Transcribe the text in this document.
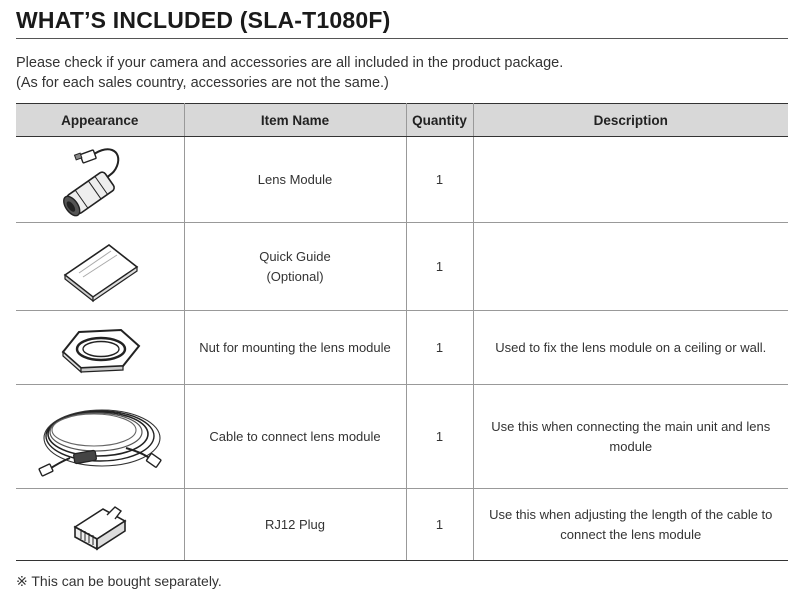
WHAT’S INCLUDED (SLA-T1080F)
Please check if your camera and accessories are all included in the product package.
(As for each sales country, accessories are not the same.)
Appearance	Item Name	Quantity	Description

	Lens Module	1	

	Quick Guide
(Optional)	1	

	Nut for mounting the lens module	1	Used to fix the lens module on a ceiling or wall.

	Cable to connect lens module	1	Use this when connecting the main unit and lens module

	RJ12 Plug	1	Use this when adjusting the length of the cable to connect the lens module
※ This can be bought separately.
